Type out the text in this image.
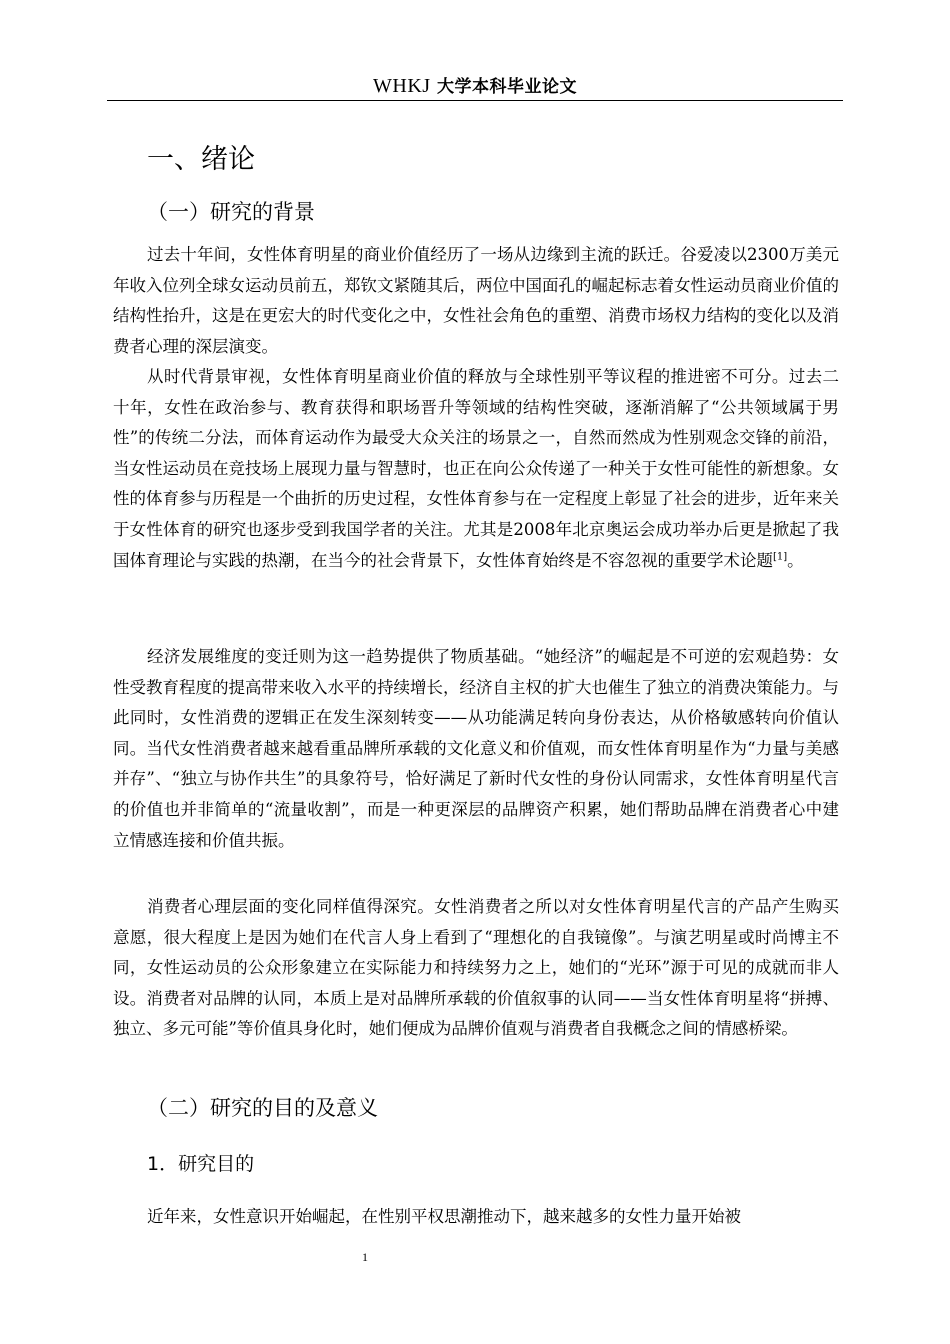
WHKJ 大学本科毕业论文
一、绪论
（一）研究的背景
过去十年间，女性体育明星的商业价值经历了一场从边缘到主流的跃迁。谷爱凌以2300万美元年收入位列全球女运动员前五，郑钦文紧随其后，两位中国面孔的崛起标志着女性运动员商业价值的结构性抬升，这是在更宏大的时代变化之中，女性社会角色的重塑、消费市场权力结构的变化以及消费者心理的深层演变。
从时代背景审视，女性体育明星商业价值的释放与全球性别平等议程的推进密不可分。过去二十年，女性在政治参与、教育获得和职场晋升等领域的结构性突破，逐渐消解了“公共领域属于男性”的传统二分法，而体育运动作为最受大众关注的场景之一，自然而然成为性别观念交锋的前沿，当女性运动员在竞技场上展现力量与智慧时，也正在向公众传递了一种关于女性可能性的新想象。女性的体育参与历程是一个曲折的历史过程，女性体育参与在一定程度上彰显了社会的进步，近年来关于女性体育的研究也逐步受到我国学者的关注。尤其是2008年北京奥运会成功举办后更是掀起了我国体育理论与实践的热潮，在当今的社会背景下，女性体育始终是不容忽视的重要学术论题[1]。
经济发展维度的变迁则为这一趋势提供了物质基础。“她经济”的崛起是不可逆的宏观趋势：女性受教育程度的提高带来收入水平的持续增长，经济自主权的扩大也催生了独立的消费决策能力。与此同时，女性消费的逻辑正在发生深刻转变——从功能满足转向身份表达，从价格敏感转向价值认同。当代女性消费者越来越看重品牌所承载的文化意义和价值观，而女性体育明星作为“力量与美感并存”、“独立与协作共生”的具象符号，恰好满足了新时代女性的身份认同需求，女性体育明星代言的价值也并非简单的“流量收割”，而是一种更深层的品牌资产积累，她们帮助品牌在消费者心中建立情感连接和价值共振。
消费者心理层面的变化同样值得深究。女性消费者之所以对女性体育明星代言的产品产生购买意愿，很大程度上是因为她们在代言人身上看到了“理想化的自我镜像”。与演艺明星或时尚博主不同，女性运动员的公众形象建立在实际能力和持续努力之上，她们的“光环”源于可见的成就而非人设。消费者对品牌的认同，本质上是对品牌所承载的价值叙事的认同——当女性体育明星将“拼搏、独立、多元可能”等价值具身化时，她们便成为品牌价值观与消费者自我概念之间的情感桥梁。
（二）研究的目的及意义
1．研究目的
近年来，女性意识开始崛起，在性别平权思潮推动下，越来越多的女性力量开始被
1
